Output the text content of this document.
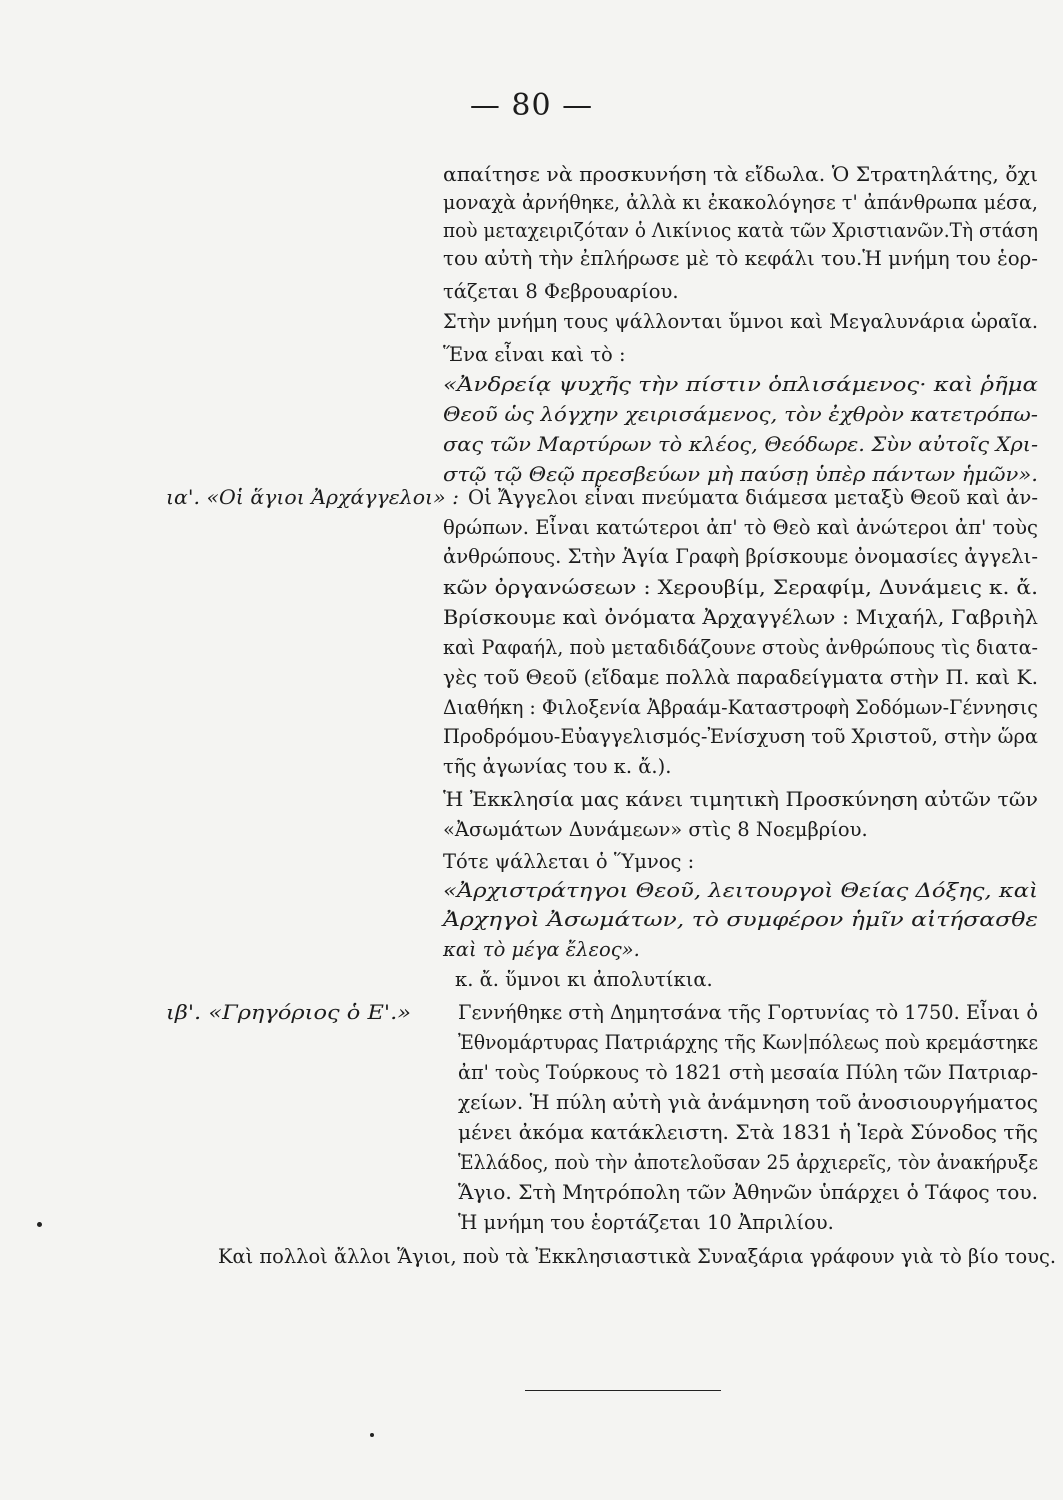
— 80 —
απαίτησε νὰ προσκυνήση τὰ εἴδωλα. Ὁ Στρατηλάτης, ὄχι
μοναχὰ ἀρνήθηκε, ἀλλὰ κι ἐκακολόγησε τ' ἀπάνθρωπα μέσα,
ποὺ μεταχειριζόταν ὁ Λικίνιος κατὰ τῶν Χριστιανῶν.Τὴ στάση
του αὐτὴ τὴν ἐπλήρωσε μὲ τὸ κεφάλι του.Ἡ μνήμη του ἑορ-
τάζεται 8 Φεβρουαρίου.
Στὴν μνήμη τους ψάλλονται ὕμνοι καὶ Μεγαλυνάρια ὡραῖα.
Ἕνα εἶναι καὶ τὸ :
«Ἀνδρείᾳ ψυχῆς τὴν πίστιν ὁπλισάμενος· καὶ ῥῆμα
Θεοῦ ὡς λόγχην χειρισάμενος, τὸν ἐχθρὸν κατετρόπω-
σας τῶν Μαρτύρων τὸ κλέος, Θεόδωρε. Σὺν αὐτοῖς Χρι-
στῷ τῷ Θεῷ πρεσβεύων μὴ παύσῃ ὑπὲρ πάντων ἡμῶν».
ια'. «Οἱ ἅγιοι Ἀρχάγγελοι» : Οἱ Ἄγγελοι εἶναι πνεύματα διάμεσα μεταξὺ Θεοῦ καὶ ἀν-
θρώπων. Εἶναι κατώτεροι ἀπ' τὸ Θεὸ καὶ ἀνώτεροι ἀπ' τοὺς
ἀνθρώπους. Στὴν Ἁγία Γραφὴ βρίσκουμε ὀνομασίες ἀγγελι-
κῶν ὀργανώσεων : Χερουβίμ, Σεραφίμ, Δυνάμεις κ. ἄ.
Βρίσκουμε καὶ ὀνόματα Ἀρχαγγέλων : Μιχαήλ, Γαβριὴλ
καὶ Ραφαήλ, ποὺ μεταδιδάζουνε στοὺς ἀνθρώπους τὶς διατα-
γὲς τοῦ Θεοῦ (εἴδαμε πολλὰ παραδείγματα στὴν Π. καὶ Κ.
Διαθήκη : Φιλοξενία Ἀβραάμ-Καταστροφὴ Σοδόμων-Γέννησις
Προδρόμου-Εὐαγγελισμός-Ἐνίσχυση τοῦ Χριστοῦ, στὴν ὥρα
τῆς ἀγωνίας του κ. ἄ.).
Ἡ Ἐκκλησία μας κάνει τιμητικὴ Προσκύνηση αὐτῶν τῶν
«Ἀσωμάτων Δυνάμεων» στὶς 8 Νοεμβρίου.
Τότε ψάλλεται ὁ Ὕμνος :
«Ἀρχιστράτηγοι Θεοῦ, λειτουργοὶ Θείας Δόξης, καὶ
Ἀρχηγοὶ Ἀσωμάτων, τὸ συμφέρον ἡμῖν αἰτήσασθε
καὶ τὸ μέγα ἔλεος».
κ. ἄ. ὕμνοι κι ἀπολυτίκια.
ιβ'. «Γρηγόριος ὁ Ε'.» Γεννήθηκε στὴ Δημητσάνα τῆς Γορτυνίας τὸ 1750. Εἶναι ὁ
Ἐθνομάρτυρας Πατριάρχης τῆς Κων|πόλεως ποὺ κρεμάστηκε
ἀπ' τοὺς Τούρκους τὸ 1821 στὴ μεσαία Πύλη τῶν Πατριαρ-
χείων. Ἡ πύλη αὐτὴ γιὰ ἀνάμνηση τοῦ ἀνοσιουργήματος
μένει ἀκόμα κατάκλειστη. Στὰ 1831 ἡ Ἱερὰ Σύνοδος τῆς
Ἑλλάδος, ποὺ τὴν ἀποτελοῦσαν 25 ἀρχιερεῖς, τὸν ἀνακήρυξε
Ἅγιο. Στὴ Μητρόπολη τῶν Ἀθηνῶν ὑπάρχει ὁ Τάφος του.
Ἡ μνήμη του ἑορτάζεται 10 Ἀπριλίου.
Καὶ πολλοὶ ἄλλοι Ἅγιοι, ποὺ τὰ Ἐκκλησιαστικὰ Συναξάρια γράφουν γιὰ τὸ βίο τους.
